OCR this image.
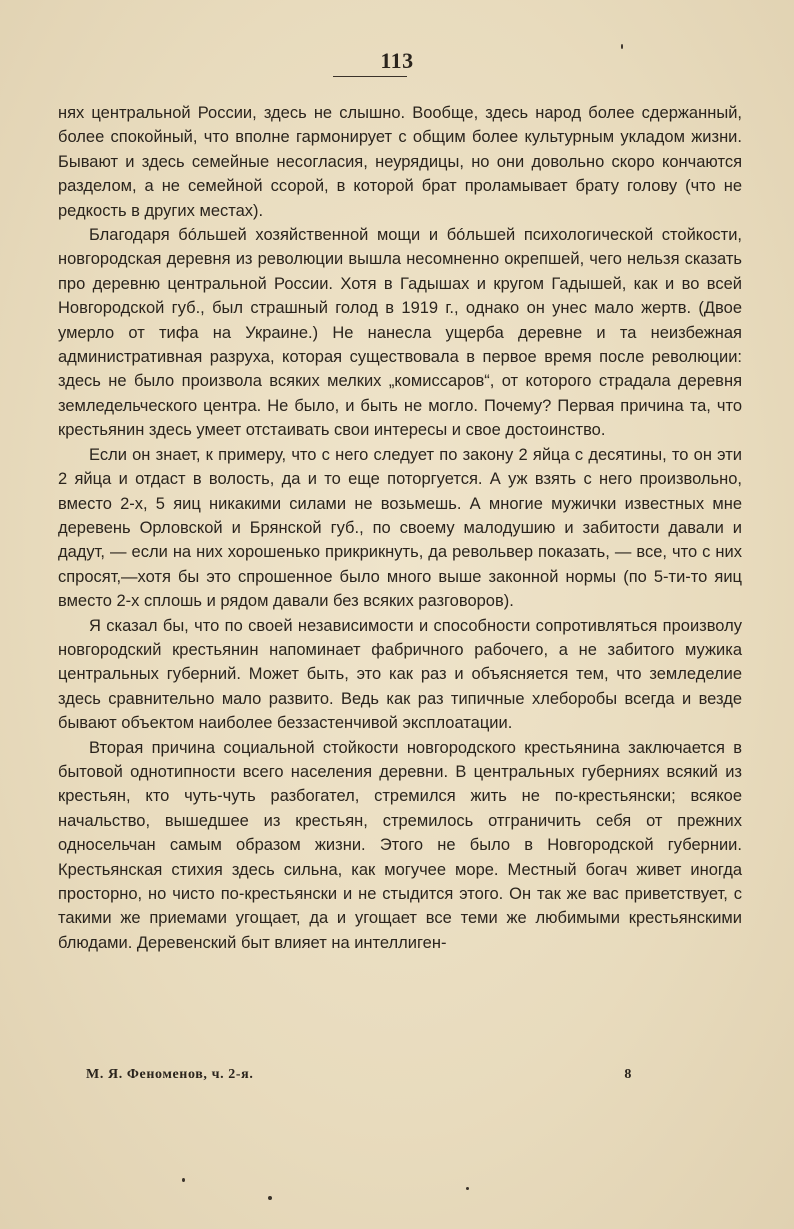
113

нях центральной России, здесь не слышно. Вообще, здесь народ более сдержанный, более спокойный, что вполне гармонирует с общим более культурным укладом жизни. Бывают и здесь семейные несогласия, неурядицы, но они довольно скоро кончаются разделом, а не семейной ссорой, в которой брат проламывает брату голову (что не редкость в других местах).

Благодаря бóльшей хозяйственной мощи и бóльшей психологической стойкости, новгородская деревня из революции вышла несомненно окрепшей, чего нельзя сказать про деревню центральной России. Хотя в Гадышах и кругом Гадышей, как и во всей Новгородской губ., был страшный голод в 1919 г., однако он унес мало жертв. (Двое умерло от тифа на Украине.) Не нанесла ущерба деревне и та неизбежная административная разруха, которая существовала в первое время после революции: здесь не было произвола всяких мелких „комиссаров“, от которого страдала деревня земледельческого центра. Не было, и быть не могло. Почему? Первая причина та, что крестьянин здесь умеет отстаивать свои интересы и свое достоинство.

Если он знает, к примеру, что с него следует по закону 2 яйца с десятины, то он эти 2 яйца и отдаст в волость, да и то еще поторгуется. А уж взять с него произвольно, вместо 2-х, 5 яиц никакими силами не возьмешь. А многие мужички известных мне деревень Орловской и Брянской губ., по своему малодушию и забитости давали и дадут, — если на них хорошенько прикрикнуть, да револьвер показать, — все, что с них спросят,—хотя бы это спрошенное было много выше законной нормы (по 5-ти-то яиц вместо 2-х сплошь и рядом давали без всяких разговоров).

Я сказал бы, что по своей независимости и способности сопротивляться произволу новгородский крестьянин напоминает фабричного рабочего, а не забитого мужика центральных губерний. Может быть, это как раз и объясняется тем, что земледелие здесь сравнительно мало развито. Ведь как раз типичные хлеборобы всегда и везде бывают объектом наиболее беззастенчивой эксплоатации.

Вторая причина социальной стойкости новгородского крестьянина заключается в бытовой однотипности всего населения деревни. В центральных губерниях всякий из крестьян, кто чуть-чуть разбогател, стремился жить не по-крестьянски; всякое начальство, вышедшее из крестьян, стремилось отграничить себя от прежних односельчан самым образом жизни. Этого не было в Новгородской губернии. Крестьянская стихия здесь сильна, как могучее море. Местный богач живет иногда просторно, но чисто по-крестьянски и не стыдится этого. Он так же вас приветствует, с такими же приемами угощает, да и угощает все теми же любимыми крестьянскими блюдами. Деревенский быт влияет на интеллиген-

М. Я. Феноменов, ч. 2-я.	8
